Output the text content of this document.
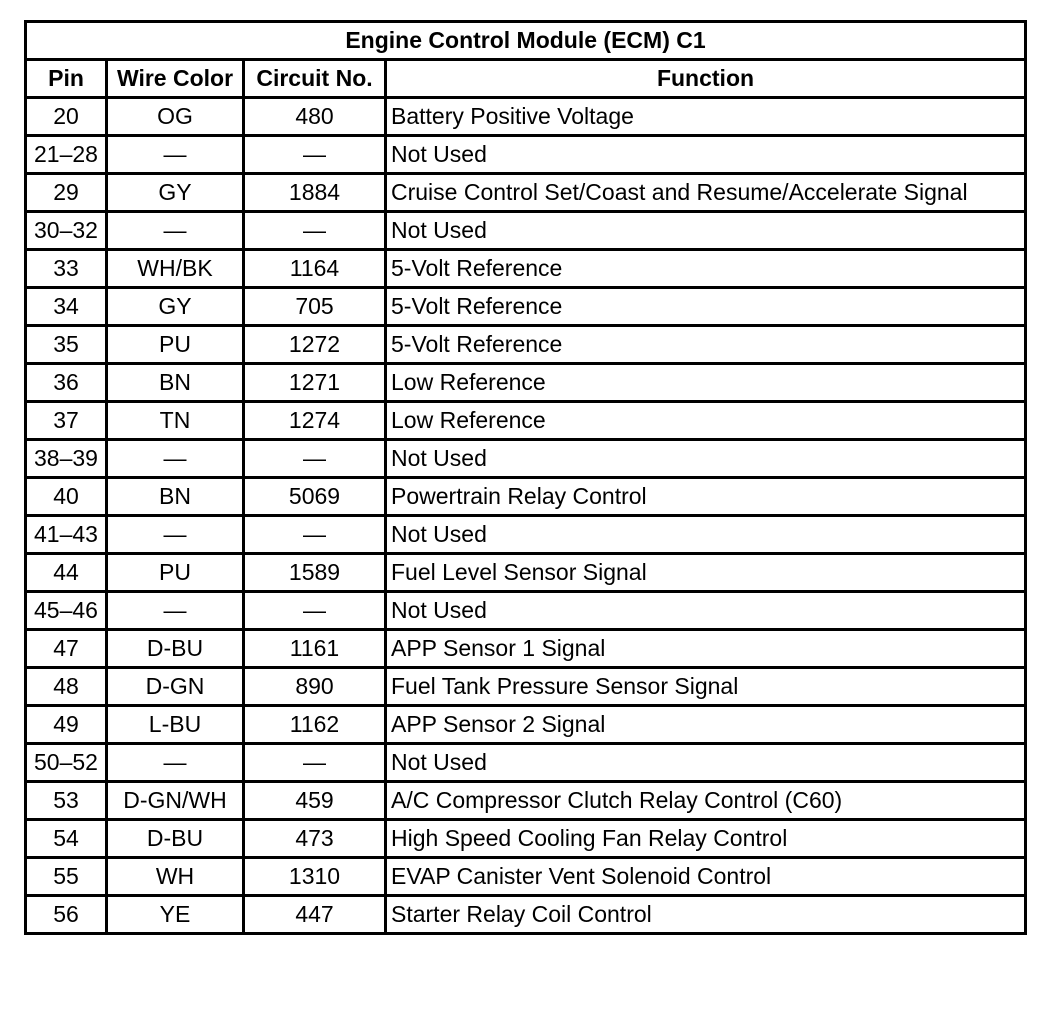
Engine Control Module (ECM) C1			
Pin	Wire Color	Circuit No.	Function
20	OG	480	Battery Positive Voltage
21–28	—	—	Not Used
29	GY	1884	Cruise Control Set/Coast and Resume/Accelerate Signal
30–32	—	—	Not Used
33	WH/BK	1164	5-Volt Reference
34	GY	705	5-Volt Reference
35	PU	1272	5-Volt Reference
36	BN	1271	Low Reference
37	TN	1274	Low Reference
38–39	—	—	Not Used
40	BN	5069	Powertrain Relay Control
41–43	—	—	Not Used
44	PU	1589	Fuel Level Sensor Signal
45–46	—	—	Not Used
47	D-BU	1161	APP Sensor 1 Signal
48	D-GN	890	Fuel Tank Pressure Sensor Signal
49	L-BU	1162	APP Sensor 2 Signal
50–52	—	—	Not Used
53	D-GN/WH	459	A/C Compressor Clutch Relay Control (C60)
54	D-BU	473	High Speed Cooling Fan Relay Control
55	WH	1310	EVAP Canister Vent Solenoid Control
56	YE	447	Starter Relay Coil Control
